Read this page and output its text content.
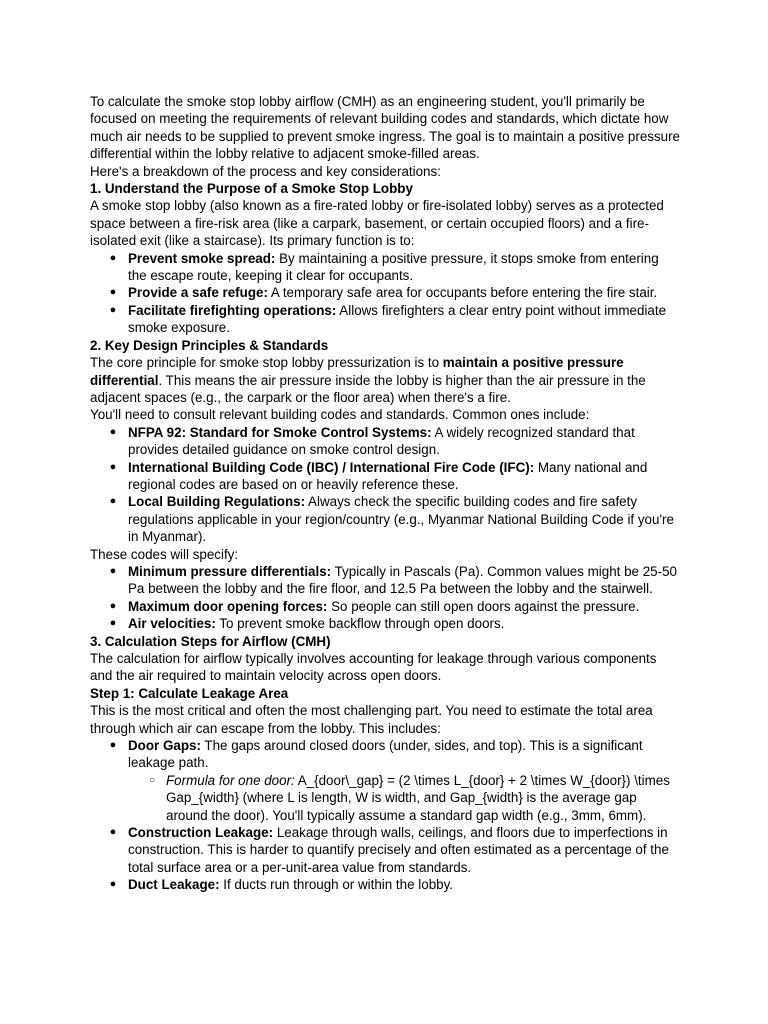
To calculate the smoke stop lobby airflow (CMH) as an engineering student, you'll primarily be focused on meeting the requirements of relevant building codes and standards, which dictate how much air needs to be supplied to prevent smoke ingress. The goal is to maintain a positive pressure differential within the lobby relative to adjacent smoke-filled areas.

Here's a breakdown of the process and key considerations:

1. Understand the Purpose of a Smoke Stop Lobby

A smoke stop lobby (also known as a fire-rated lobby or fire-isolated lobby) serves as a protected space between a fire-risk area (like a carpark, basement, or certain occupied floors) and a fire-isolated exit (like a staircase). Its primary function is to:

● Prevent smoke spread: By maintaining a positive pressure, it stops smoke from entering the escape route, keeping it clear for occupants.
● Provide a safe refuge: A temporary safe area for occupants before entering the fire stair.
● Facilitate firefighting operations: Allows firefighters a clear entry point without immediate smoke exposure.
2. Key Design Principles & Standards

The core principle for smoke stop lobby pressurization is to maintain a positive pressure differential. This means the air pressure inside the lobby is higher than the air pressure in the adjacent spaces (e.g., the carpark or the floor area) when there's a fire.

You'll need to consult relevant building codes and standards. Common ones include:

● NFPA 92: Standard for Smoke Control Systems: A widely recognized standard that provides detailed guidance on smoke control design.
● International Building Code (IBC) / International Fire Code (IFC): Many national and regional codes are based on or heavily reference these.
● Local Building Regulations: Always check the specific building codes and fire safety regulations applicable in your region/country (e.g., Myanmar National Building Code if you're in Myanmar).

These codes will specify:

● Minimum pressure differentials: Typically in Pascals (Pa). Common values might be 25-50 Pa between the lobby and the fire floor, and 12.5 Pa between the lobby and the stairwell.
● Maximum door opening forces: So people can still open doors against the pressure.
● Air velocities: To prevent smoke backflow through open doors.
3. Calculation Steps for Airflow (CMH)

The calculation for airflow typically involves accounting for leakage through various components and the air required to maintain velocity across open doors.

Step 1: Calculate Leakage Area

This is the most critical and often the most challenging part. You need to estimate the total area through which air can escape from the lobby. This includes:

● Door Gaps: The gaps around closed doors (under, sides, and top). This is a significant leakage path.
○ Formula for one door: A_{door\_gap} = (2 \times L_{door} + 2 \times W_{door}) \times Gap_{width} (where L is length, W is width, and Gap_{width} is the average gap around the door). You'll typically assume a standard gap width (e.g., 3mm, 6mm).
● Construction Leakage: Leakage through walls, ceilings, and floors due to imperfections in construction. This is harder to quantify precisely and often estimated as a percentage of the total surface area or a per-unit-area value from standards.
● Duct Leakage: If ducts run through or within the lobby.
